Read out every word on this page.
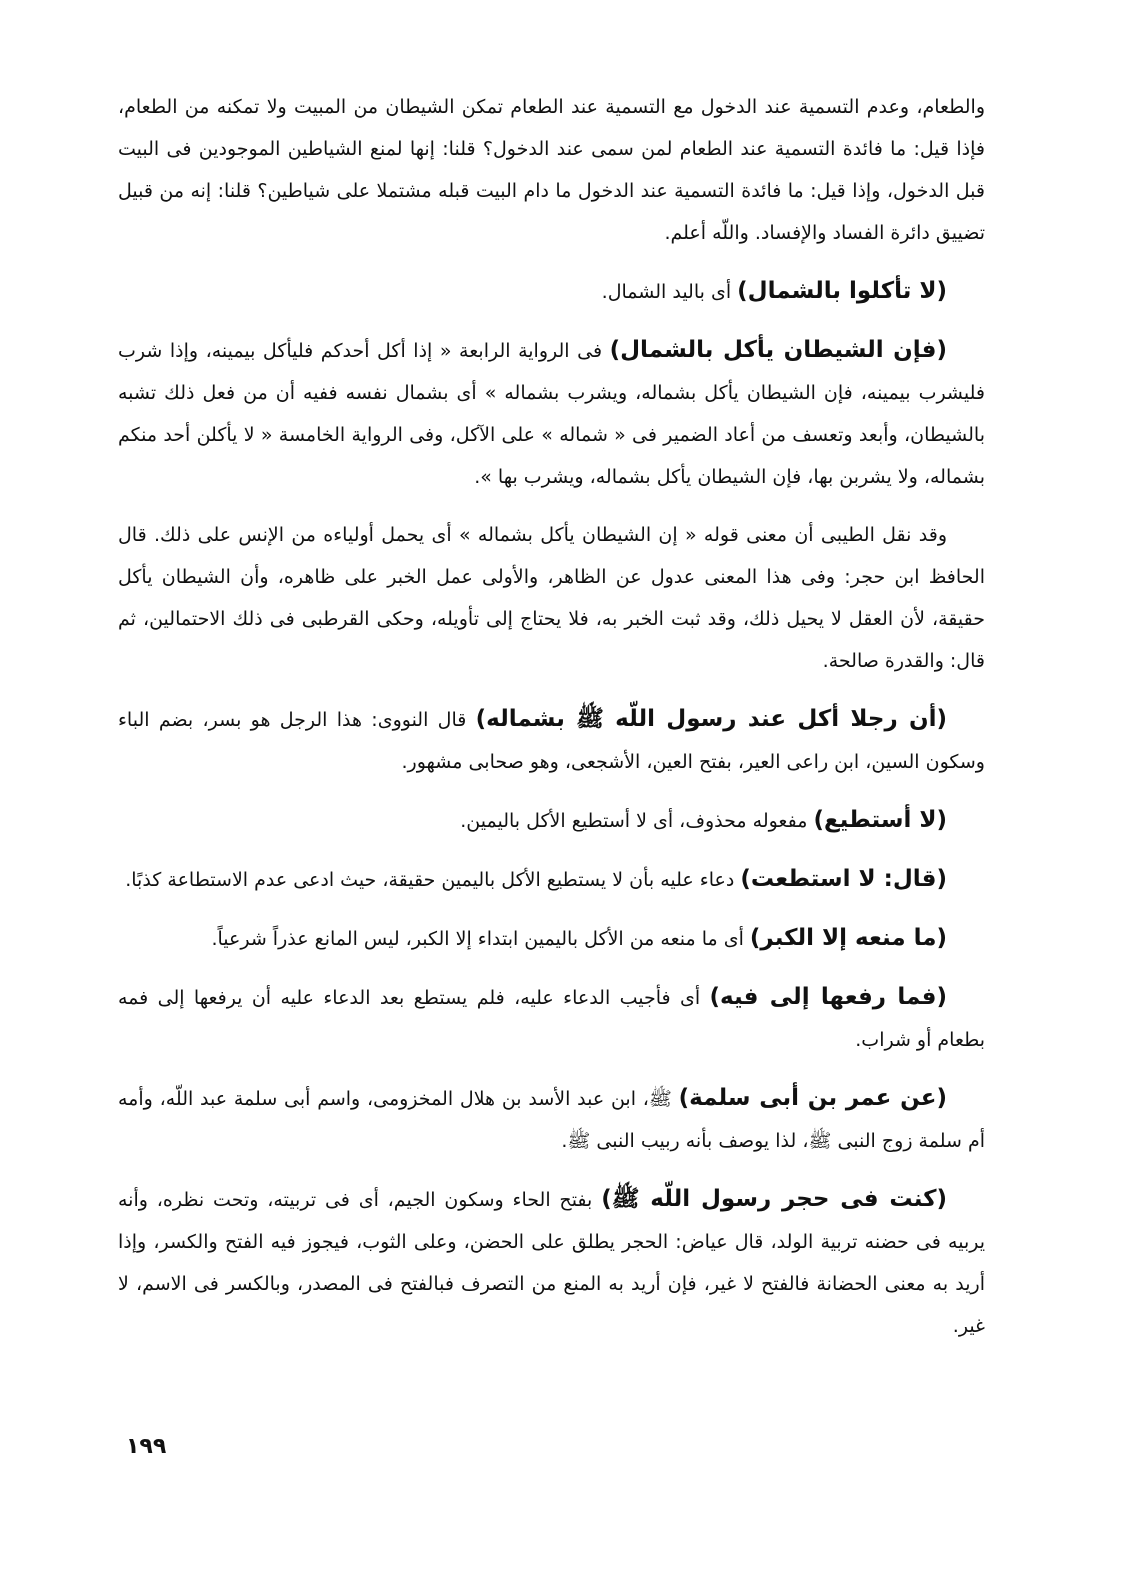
والطعام، وعدم التسمية عند الدخول مع التسمية عند الطعام تمكن الشيطان من المبيت ولا تمكنه من الطعام، فإذا قيل: ما فائدة التسمية عند الطعام لمن سمى عند الدخول؟ قلنا: إنها لمنع الشياطين الموجودين فى البيت قبل الدخول، وإذا قيل: ما فائدة التسمية عند الدخول ما دام البيت قبله مشتملا على شياطين؟ قلنا: إنه من قبيل تضييق دائرة الفساد والإفساد. واللّه أعلم.

(لا تأكلوا بالشمال) أى باليد الشمال.

(فإن الشيطان يأكل بالشمال) فى الرواية الرابعة « إذا أكل أحدكم فليأكل بيمينه، وإذا شرب فليشرب بيمينه، فإن الشيطان يأكل بشماله، ويشرب بشماله » أى بشمال نفسه ففيه أن من فعل ذلك تشبه بالشيطان، وأبعد وتعسف من أعاد الضمير فى « شماله » على الآكل، وفى الرواية الخامسة « لا يأكلن أحد منكم بشماله، ولا يشربن بها، فإن الشيطان يأكل بشماله، ويشرب بها ».

وقد نقل الطيبى أن معنى قوله « إن الشيطان يأكل بشماله » أى يحمل أولياءه من الإنس على ذلك. قال الحافظ ابن حجر: وفى هذا المعنى عدول عن الظاهر، والأولى عمل الخبر على ظاهره، وأن الشيطان يأكل حقيقة، لأن العقل لا يحيل ذلك، وقد ثبت الخبر به، فلا يحتاج إلى تأويله، وحكى القرطبى فى ذلك الاحتمالين، ثم قال: والقدرة صالحة.

(أن رجلا أكل عند رسول اللّه ﷺ بشماله) قال النووى: هذا الرجل هو بسر، بضم الباء وسكون السين، ابن راعى العير، بفتح العين، الأشجعى، وهو صحابى مشهور.

(لا أستطيع) مفعوله محذوف، أى لا أستطيع الأكل باليمين.

(قال: لا استطعت) دعاء عليه بأن لا يستطيع الأكل باليمين حقيقة، حيث ادعى عدم الاستطاعة كذبًا.

(ما منعه إلا الكبر) أى ما منعه من الأكل باليمين ابتداء إلا الكبر، ليس المانع عذراً شرعياً.

(فما رفعها إلى فيه) أى فأجيب الدعاء عليه، فلم يستطع بعد الدعاء عليه أن يرفعها إلى فمه بطعام أو شراب.

(عن عمر بن أبى سلمة) ﷺ، ابن عبد الأسد بن هلال المخزومى، واسم أبى سلمة عبد اللّه، وأمه أم سلمة زوج النبى ﷺ، لذا يوصف بأنه ربيب النبى ﷺ.

(كنت فى حجر رسول اللّه ﷺ) بفتح الحاء وسكون الجيم، أى فى تربيته، وتحت نظره، وأنه يربيه فى حضنه تربية الولد، قال عياض: الحجر يطلق على الحضن، وعلى الثوب، فيجوز فيه الفتح والكسر، وإذا أريد به معنى الحضانة فالفتح لا غير، فإن أريد به المنع من التصرف فبالفتح فى المصدر، وبالكسر فى الاسم، لا غير.

١٩٩
